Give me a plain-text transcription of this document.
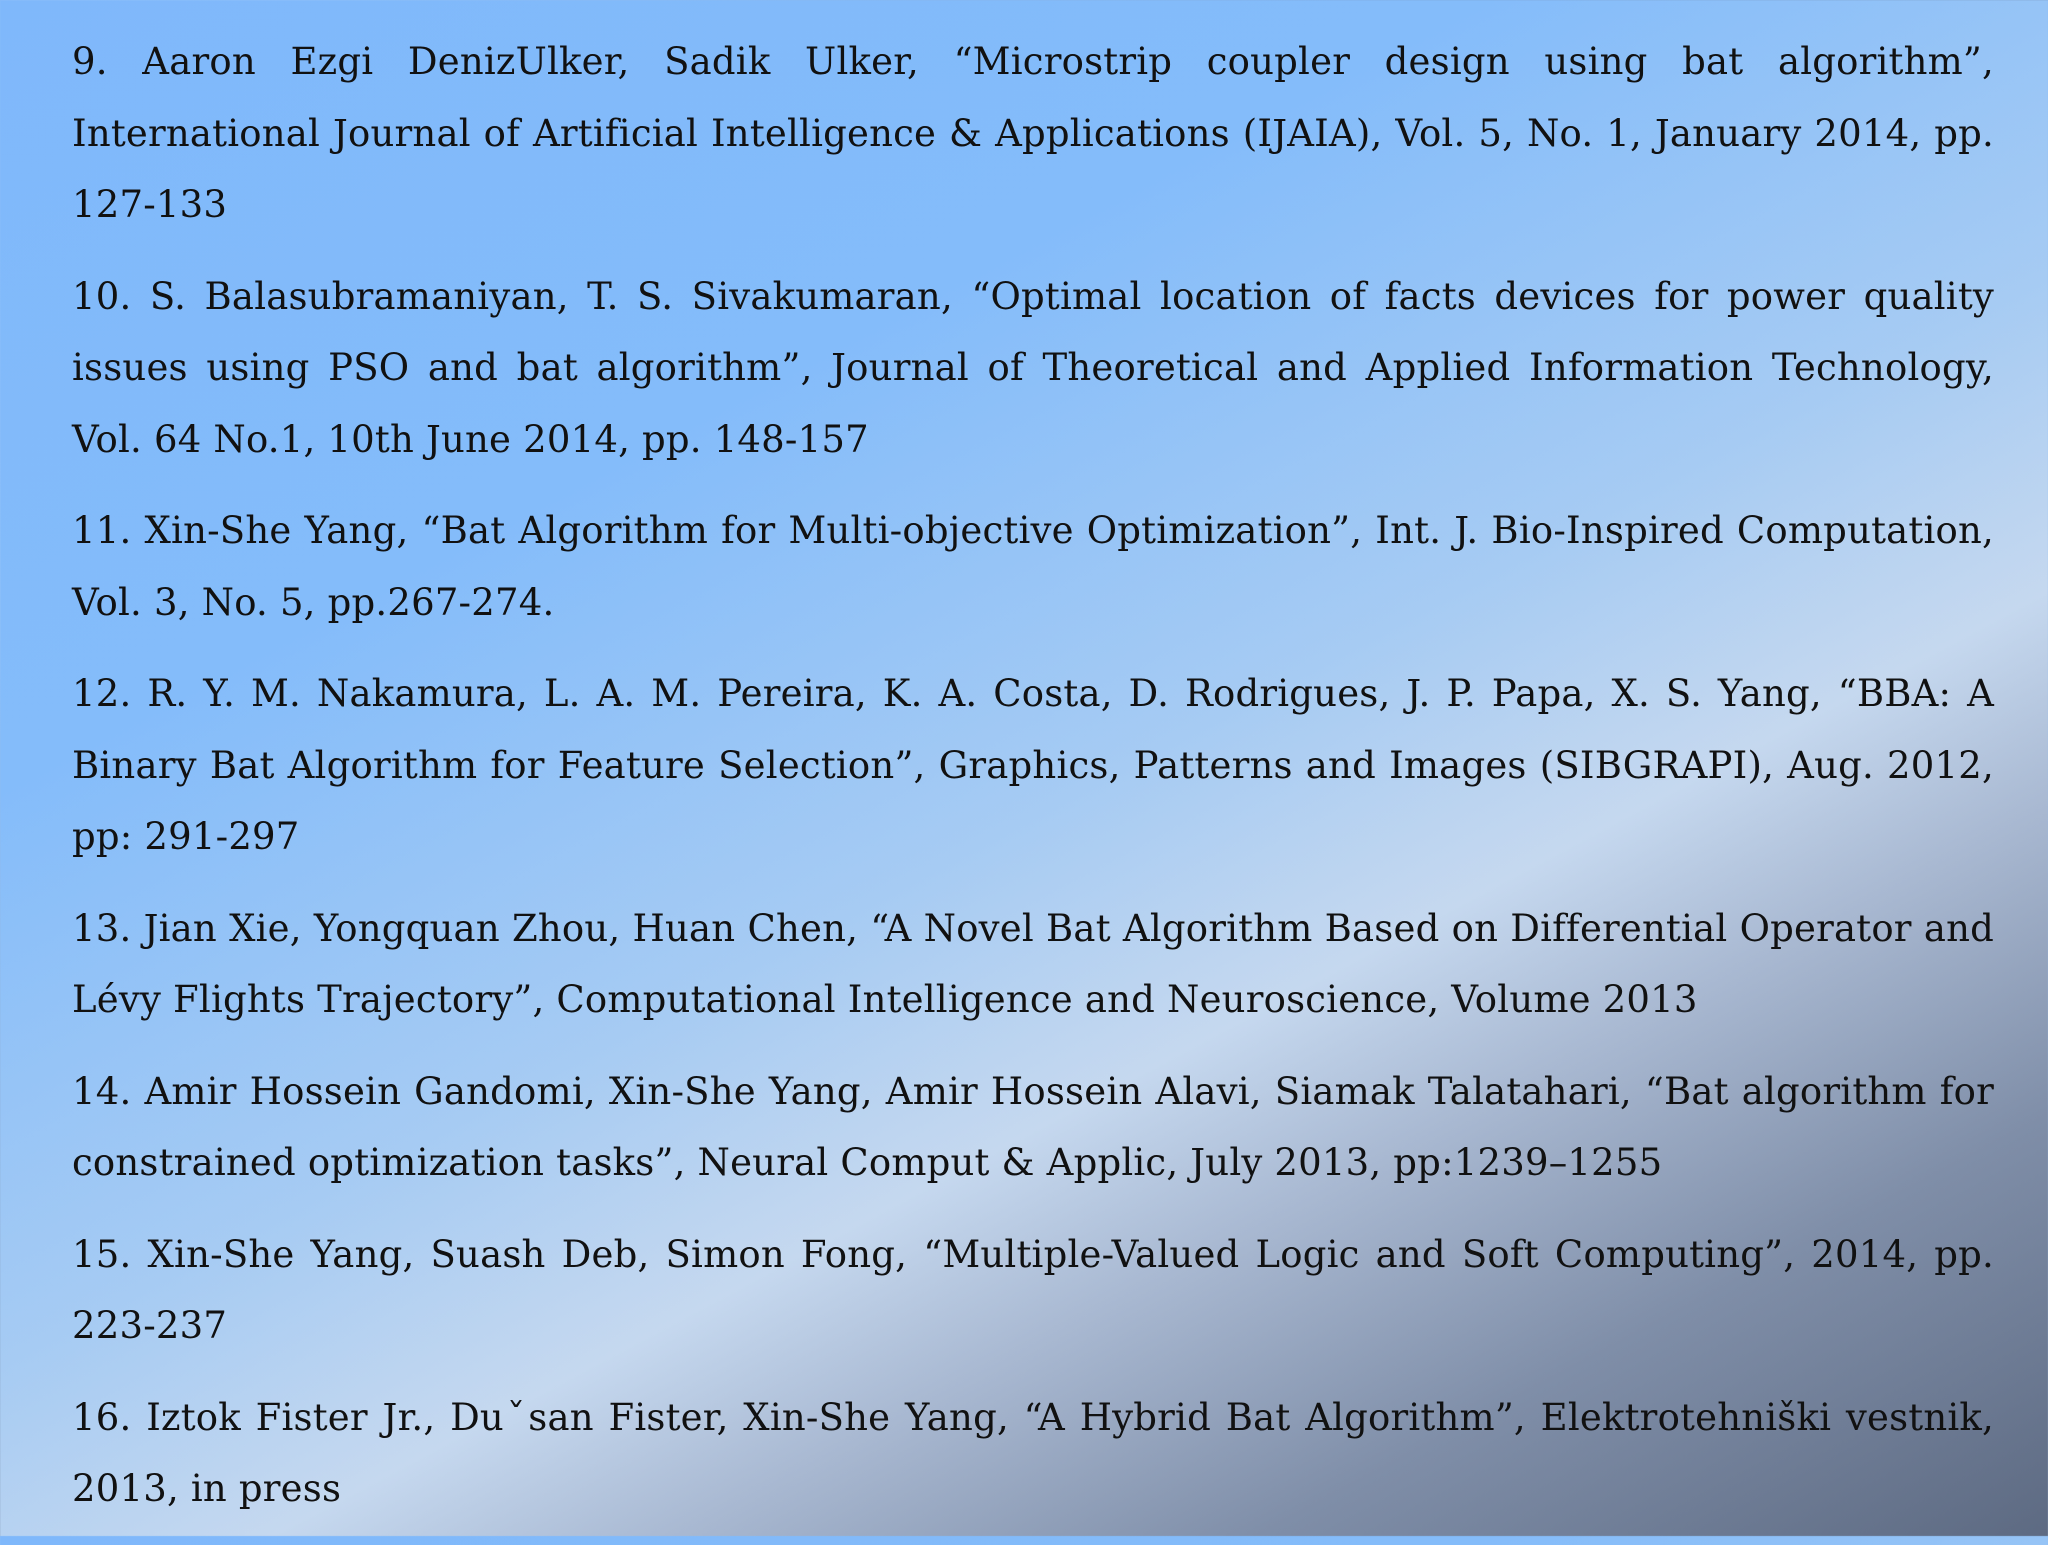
9. Aaron Ezgi DenizUlker, Sadik Ulker, “Microstrip coupler design using bat algorithm”, International Journal of Artificial Intelligence & Applications (IJAIA), Vol. 5, No. 1, January 2014, pp. 127-133

10. S. Balasubramaniyan, T. S. Sivakumaran, “Optimal location of facts devices for power quality issues using PSO and bat algorithm”, Journal of Theoretical and Applied Information Technology, Vol. 64 No.1, 10th June 2014, pp. 148-157

11. Xin-She Yang, “Bat Algorithm for Multi-objective Optimization”, Int. J. Bio-Inspired Computation, Vol. 3, No. 5, pp.267-274.

12. R. Y. M. Nakamura, L. A. M. Pereira, K. A. Costa, D. Rodrigues, J. P. Papa, X. S. Yang, “BBA: A Binary Bat Algorithm for Feature Selection”, Graphics, Patterns and Images (SIBGRAPI), Aug. 2012, pp: 291-297

13. Jian Xie, Yongquan Zhou, Huan Chen, “A Novel Bat Algorithm Based on Differential Operator and Lévy Flights Trajectory”, Computational Intelligence and Neuroscience, Volume 2013

14. Amir Hossein Gandomi, Xin-She Yang, Amir Hossein Alavi, Siamak Talatahari, “Bat algorithm for constrained optimization tasks”, Neural Comput & Applic, July 2013, pp:1239–1255

15. Xin-She Yang, Suash Deb, Simon Fong, “Multiple-Valued Logic and Soft Computing”, 2014, pp. 223-237

16. Iztok Fister Jr., Duˇsan Fister, Xin-She Yang, “A Hybrid Bat Algorithm”, Elektrotehniški vestnik, 2013, in press
